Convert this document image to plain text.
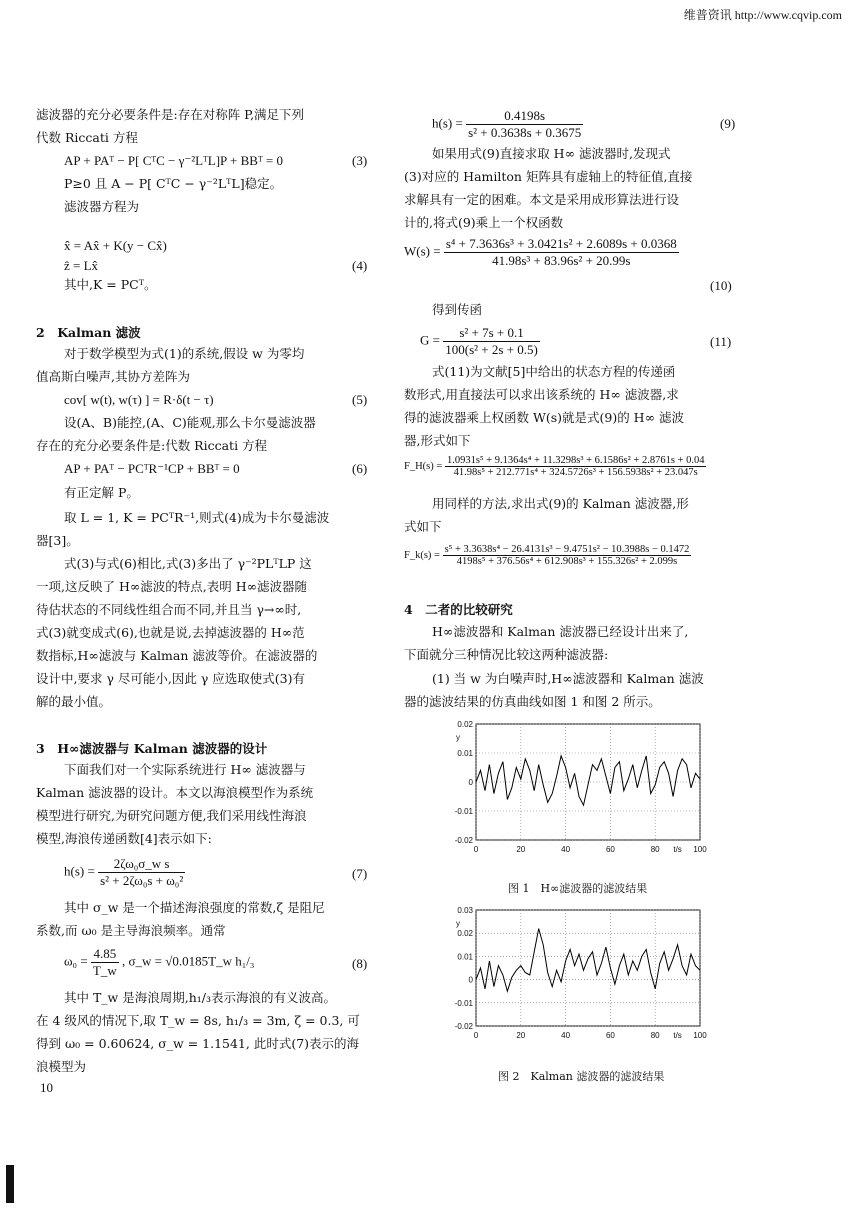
维普资讯 http://www.cqvip.com

滤波器的充分必要条件是:存在对称阵 P,满足下列

代数 Riccati 方程

AP + PAᵀ − P[ CᵀC − γ⁻²LᵀL]P + BBᵀ = 0	(3)

P≥0 且 A − P[ CᵀC − γ⁻²LᵀL]稳定。

滤波器方程为

x̂ = Ax̂ + K(y − Cx̂)
ẑ = Lx̂	(4)

其中,K = PCᵀ。

2　Kalman 滤波

对于数学模型为式(1)的系统,假设 w 为零均

值高斯白噪声,其协方差阵为

cov[ w(t), w(τ) ] = R·δ(t − τ)	(5)

设(A、B)能控,(A、C)能观,那么卡尔曼滤波器

存在的充分必要条件是:代数 Riccati 方程

AP + PAᵀ − PCᵀR⁻¹CP + BBᵀ = 0	(6)

有正定解 P。

取 L = 1, K = PCᵀR⁻¹,则式(4)成为卡尔曼滤波

器[3]。

式(3)与式(6)相比,式(3)多出了 γ⁻²PLᵀLP 这

一项,这反映了 H∞滤波的特点,表明 H∞滤波器随

待估状态的不同线性组合而不同,并且当 γ→∞时,

式(3)就变成式(6),也就是说,去掉滤波器的 H∞范

数指标,H∞滤波与 Kalman 滤波等价。在滤波器的

设计中,要求 γ 尽可能小,因此 γ 应选取使式(3)有

解的最小值。

3　H∞滤波器与 Kalman 滤波器的设计

下面我们对一个实际系统进行 H∞ 滤波器与

Kalman 滤波器的设计。本文以海浪模型作为系统

模型进行研究,为研究问题方便,我们采用线性海浪

模型,海浪传递函数[4]表示如下:

$h(s) = \frac{\text{2ζω₀σ\_w s}}{\text{s² + 2ζω₀s + ω₀²}}$	(7)

其中 σ_w 是一个描述海浪强度的常数,ζ 是阻尼

系数,而 ω₀ 是主导海浪频率。通常

$\omega_0 = \frac{4.85}{T\_w}$ , σ_w = √0.0185T_w h₁/₃	(8)

其中 T_w 是海浪周期,h₁/₃表示海浪的有义波高。

在 4 级风的情况下,取 T_w = 8s, h₁/₃ = 3m, ζ = 0.3, 可

得到 ω₀ = 0.60624, σ_w = 1.1541, 此时式(7)表示的海

浪模型为

10
$h(s) = \frac{0.4198s}{\text{s² + 0.3638s + 0.3675}}$	(9)

如果用式(9)直接求取 H∞ 滤波器时,发现式

(3)对应的 Hamilton 矩阵具有虚轴上的特征值,直接

求解具有一定的困难。本文是采用成形算法进行设

计的,将式(9)乘上一个权函数

$W(s) = \frac{\text{s⁴ + 7.3636s³ + 3.0421s² + 2.6089s + 0.0368}}{\text{41.98s³ + 83.96s² + 20.99s}}$
(10)

得到传函

$G = \frac{\text{s² + 7s + 0.1}}{\text{100(s² + 2s + 0.5)}}$	(11)

式(11)为文献[5]中给出的状态方程的传递函

数形式,用直接法可以求出该系统的 H∞ 滤波器,求

得的滤波器乘上权函数 W(s)就是式(9)的 H∞ 滤波

器,形式如下

F_H(s) = $\frac{\text{1.0931s⁵ + 9.1364s⁴ + 11.3298s³ + 6.1586s² + 2.8761s + 0.04}}{\text{41.98s⁵ + 212.771s⁴ + 324.5726s³ + 156.5938s² + 23.047s}}$

用同样的方法,求出式(9)的 Kalman 滤波器,形

式如下

F_k(s) = $\frac{\text{s⁵ + 3.3638s⁴ − 26.4131s³ − 9.4751s² − 10.3988s − 0.1472}}{\text{4198s⁵ + 376.56s⁴ + 612.908s³ + 155.326s² + 2.099s}}$
4　二者的比较研究

H∞滤波器和 Kalman 滤波器已经设计出来了,

下面就分三种情况比较这两种滤波器:

(1) 当 w 为白噪声时,H∞滤波器和 Kalman 滤波

器的滤波结果的仿真曲线如图 1 和图 2 所示。

0.02
0.01
0
-0.01
-0.02
0	20	40	60	80	100
t/s
y
图 1　H∞滤波器的滤波结果
0.03
0.02
0.01
0
-0.01
-0.02
0	20	40	60	80	100
t/s
y
图 2　Kalman 滤波器的滤波结果
